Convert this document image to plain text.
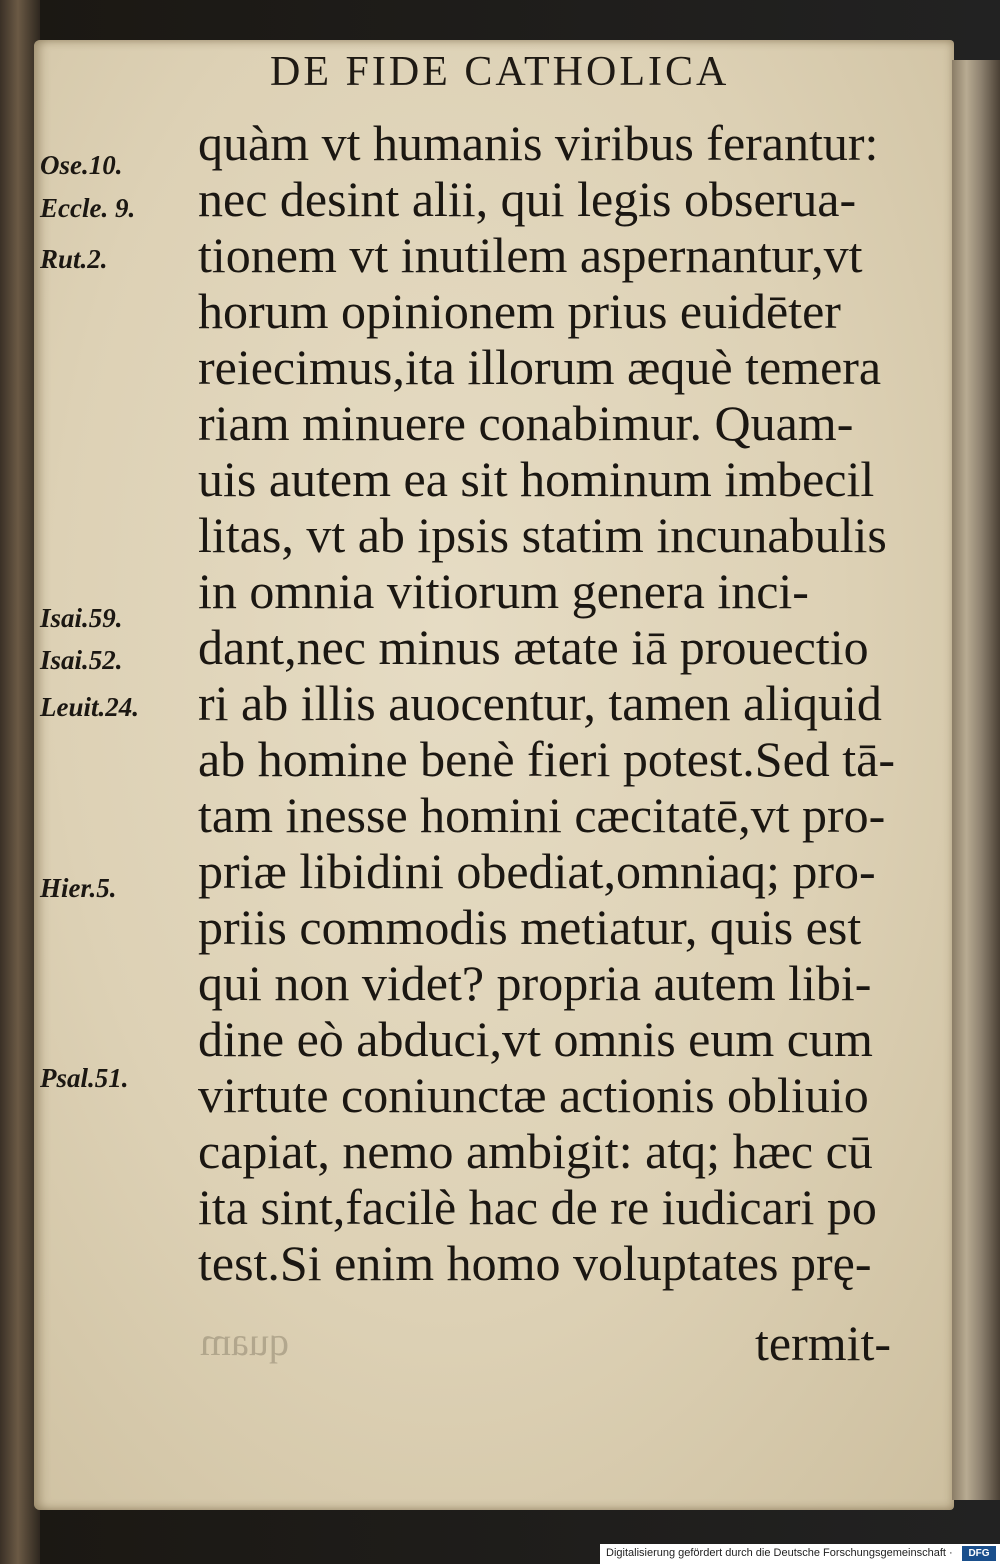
DE FIDE CATHOLICA
Ose.10.
Eccle. 9.
Rut.2.
Isai.59.
Isai.52.
Leuit.24.
Hier.5.
Psal.51.
quàm vt humanis viribus ferantur:
nec desint alii, qui legis obserua-
tionem vt inutilem aspernantur,vt
horum opinionem prius euidēter
reiecimus,ita illorum æquè temera
riam minuere conabimur. Quam-
uis autem ea sit hominum imbecil
litas, vt ab ipsis statim incunabulis
in omnia vitiorum genera inci-
dant,nec minus ætate iā prouectio
ri ab illis auocentur, tamen aliquid
ab homine benè fieri potest.Sed tā-
tam inesse homini cæcitatē,vt pro-
priæ libidini obediat,omniaq; pro-
priis commodis metiatur, quis est
qui non videt? propria autem libi-
dine eò abduci,vt omnis eum cum
virtute coniunctæ actionis obliuio
capiat, nemo ambigit: atq; hæc cū
ita sint,facilè hac de re iudicari po
test.Si enim homo voluptates prę-
quam	termit-
Digitalisierung gefördert durch die Deutsche Forschungsgemeinschaft ·	DFG
